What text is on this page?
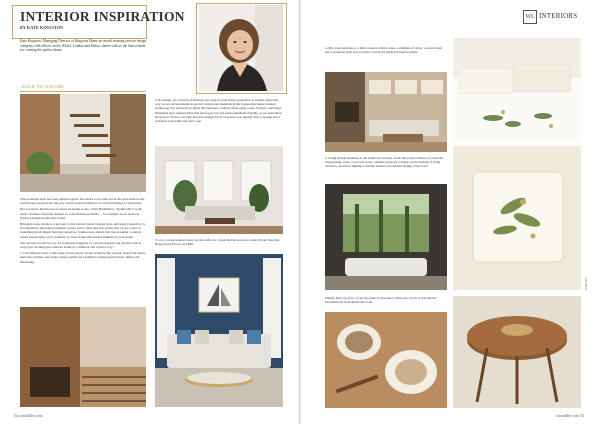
INTERIOR INSPIRATION
BY KATE KINGSTON
Kate Kingston, Managing Director of Kingston Home an award winning interior design company with offices on the Wirral, London and Dubai, shares with us the latest trends for creating the perfect home.
BACK TO NATURE

This perennial style has been updated again! The desire to be outdoors in the great indoors has reached epic proportions and you can find nature influence on soft furnishings to wardrobes.

Did you know that the use of nature in design is also called Biomimicry. Technically it is the study of nature, inspiring designs, to solve human problems… for example, hook and loop (Velcro) designed after burr hooks.

Bringing nature inside is a key part to this natural interior design style. Allowing yourself to be surrounded by the natural elements causes you to relax and also realise that we are a part of something much bigger than just ourselves. Studies have shown that just as taking a walk in nature greatly helps your creativity so does living with natural elements in your home.

The obvious would be to go for botanical wallpaper or a flower inspired rug but let's look at ways you can bring the outdoors inside in a different and creative way!

1. Use different tones of the same colour palette. Green would be the 'natural' choice but nature embodies all hues and using a desert palette for example is unexpected in these climes and interesting.

2. Rookeign, the creation of furniture and objects from living organisms, is another important way we see advancements in product design and materials in the foreseeable future. Indeed, technology has advanced so much that furniture could be made using waste, bacteria, and fungi. Designers have explored that this trend goes beyond environmentally-friendly, as we learn more about how science can truly innovate design. Don't be scared, you already have a sponge and a loofah in your bathroom don't you!
3. Use a strong natural colour on the walls, for a fresh marine look use a dark vibrant blue like Hague from Farrow and Ball.
54 wirrallife.com
WL INTERIORS
4. Mix your inspiration- a little leopard, a little rattan, a smidgen of velvet, a potted plant and a botanical print and you have a perfectly balanced natural palette.
5. Using natural elements in the bathroom can help create the perfect balance of calm and invigorating, stone, wood and water combine perfectly to magic up the feeling of being outdoors, use blood lighting to further enhance the desired feeling of the bow!
ROKLIFE
Finally, here are a few of our favourite accessories to help ease you in to this interior movement all from amdbome.co.uk
wirrallife.com 55
